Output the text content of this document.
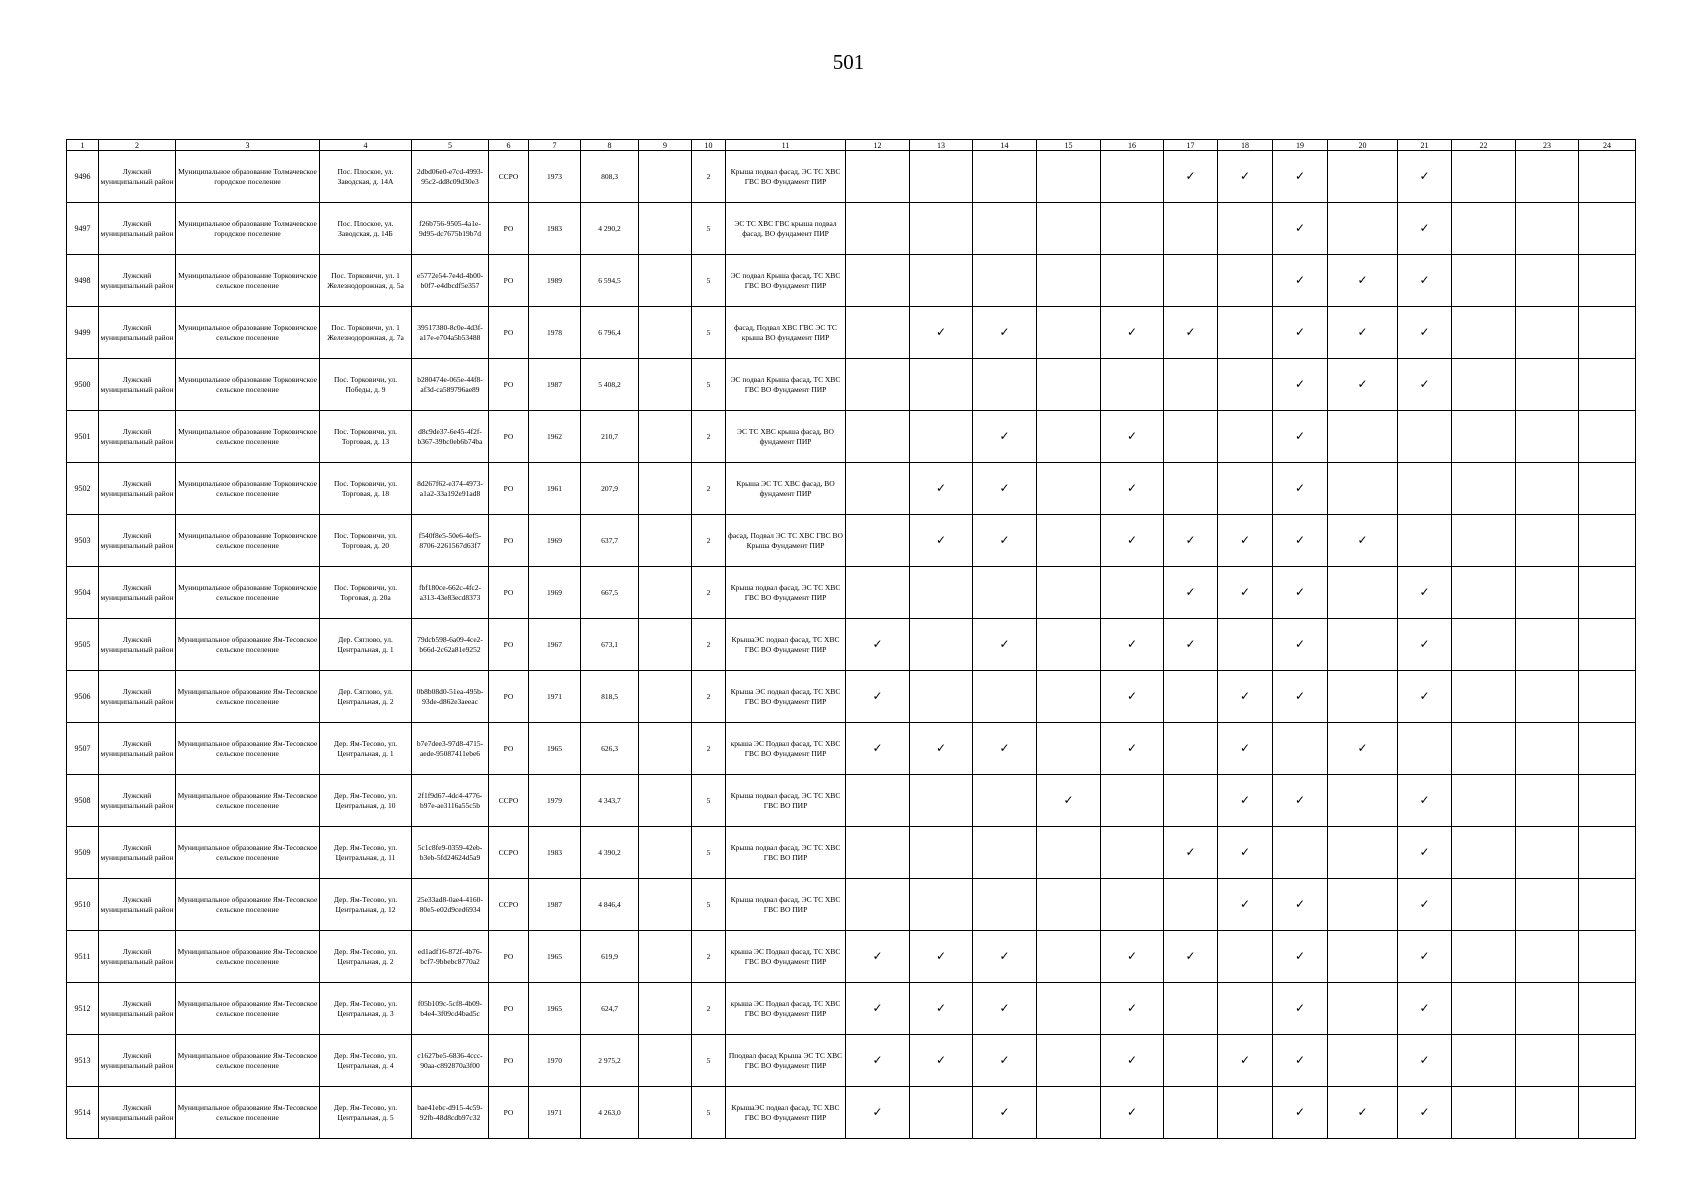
501
1	2	3	4	5	6	7	8	9	10	11	12	13	14	15	16	17	18	19	20	21	22	23	24
9496	Лужский муниципальный район	Муниципальное образование Толмачевское городское поселение	Пос. Плоское, ул. Заводская, д. 14А	2dbd06e0-e7cd-4993-95c2-dd8c09d30e3	ССРО	1973	808,3		2	Крыша подвал фасад, ЭС ТС ХВС ГВС ВО Фундамент ПИР						✓	✓	✓		✓			
9497	Лужский муниципальный район	Муниципальное образование Толмачевское городское поселение	Пос. Плоское, ул. Заводская, д. 14Б	f26b756-9505-4a1e-9d95-dc7675b19b7d	РО	1983	4 290,2		5	ЭС ТС ХВС ГВС крыша подвал фасад, ВО фундамент ПИР								✓		✓			
9498	Лужский муниципальный район	Муниципальное образование Торковичское сельское поселение	Пос. Торковичи, ул. 1 Железнодорожная, д. 5а	e5772e54-7e4d-4b00-b0f7-e4dbcdf5e357	РО	1989	6 594,5		5	ЭС подвал Крыша фасад, ТС ХВС ГВС ВО Фундамент ПИР								✓	✓	✓			
9499	Лужский муниципальный район	Муниципальное образование Торковичское сельское поселение	Пос. Торковичи, ул. 1 Железнодорожная, д. 7а	39517380-8c0e-4d3f-a17e-e704a5b53488	РО	1978	6 796,4		5	фасад, Подвал ХВС ГВС ЭС ТС крыша ВО фундамент ПИР		✓	✓		✓	✓		✓	✓	✓			
9500	Лужский муниципальный район	Муниципальное образование Торковичское сельское поселение	Пос. Торковичи, ул. Победы, д. 9	b280474e-065e-44f8-af3d-ca589796ae89	РО	1987	5 408,2		5	ЭС подвал Крыша фасад, ТС ХВС ГВС ВО Фундамент ПИР								✓	✓	✓			
9501	Лужский муниципальный район	Муниципальное образование Торковичское сельское поселение	Пос. Торковичи, ул. Торговая, д. 13	d8c9de37-6e45-4f2f-b367-39bc0eb6b74ba	РО	1962	210,7		2	ЭС ТС ХВС крыша фасад, ВО фундамент ПИР			✓		✓			✓					
9502	Лужский муниципальный район	Муниципальное образование Торковичское сельское поселение	Пос. Торковичи, ул. Торговая, д. 18	8d267f62-e374-4973-a1a2-33a192e91ad8	РО	1961	207,9		2	Крыша ЭС ТС ХВС фасад, ВО фундамент ПИР		✓	✓		✓			✓					
9503	Лужский муниципальный район	Муниципальное образование Торковичское сельское поселение	Пос. Торковичи, ул. Торговая, д. 20	f540f8e5-50e6-4ef5-8706-2261567d63f7	РО	1969	637,7		2	фасад, Подвал ЭС ТС ХВС ГВС ВО Крыша Фундамент ПИР		✓	✓		✓	✓	✓	✓	✓				
9504	Лужский муниципальный район	Муниципальное образование Торковичское сельское поселение	Пос. Торковичи, ул. Торговая, д. 20а	fbf180ce-662c-4fc2-a313-43e83ecd8373	РО	1969	667,5		2	Крыша подвал фасад, ЭС ТС ХВС ГВС ВО Фундамент ПИР						✓	✓	✓		✓			
9505	Лужский муниципальный район	Муниципальное образование Ям-Тесовское сельское поселение	Дер. Сяглово, ул. Центральная, д. 1	79dcb598-6a09-4ce2-b66d-2c62a81e9252	РО	1967	673,1		2	КрышаЭС подвал фасад, ТС ХВС ГВС ВО Фундамент ПИР	✓		✓		✓	✓		✓		✓			
9506	Лужский муниципальный район	Муниципальное образование Ям-Тесовское сельское поселение	Дер. Сяглово, ул. Центральная, д. 2	0b8b08d0-51ea-495b-93de-d862e3aeeac	РО	1971	818,5		2	Крыша ЭС подвал фасад, ТС ХВС ГВС ВО Фундамент ПИР	✓				✓		✓	✓		✓			
9507	Лужский муниципальный район	Муниципальное образование Ям-Тесовское сельское поселение	Дер. Ям-Тесово, ул. Центральная, д. 1	b7e7dee3-97d8-4715-aede-95087411ebe6	РО	1965	626,3		2	крыша ЭС Подвал фасад, ТС ХВС ГВС ВО Фундамент ПИР	✓	✓	✓		✓		✓		✓				
9508	Лужский муниципальный район	Муниципальное образование Ям-Тесовское сельское поселение	Дер. Ям-Тесово, ул. Центральная, д. 10	2f1f9d67-4dc4-4776-b97e-ae3116a55c5b	ССРО	1979	4 343,7		5	Крыша подвал фасад, ЭС ТС ХВС ГВС ВО ПИР				✓			✓	✓		✓			
9509	Лужский муниципальный район	Муниципальное образование Ям-Тесовское сельское поселение	Дер. Ям-Тесово, ул. Центральная, д. 11	5c1c8fe9-0359-42eb-b3eb-5fd24624d5a9	ССРО	1983	4 390,2		5	Крыша подвал фасад, ЭС ТС ХВС ГВС ВО ПИР						✓	✓			✓			
9510	Лужский муниципальный район	Муниципальное образование Ям-Тесовское сельское поселение	Дер. Ям-Тесово, ул. Центральная, д. 12	25e33ad8-0ae4-4160-80e5-e02d9ced6934	ССРО	1987	4 846,4		5	Крыша подвал фасад, ЭС ТС ХВС ГВС ВО ПИР							✓	✓		✓			
9511	Лужский муниципальный район	Муниципальное образование Ям-Тесовское сельское поселение	Дер. Ям-Тесово, ул. Центральная, д. 2	ed1adf16-872f-4b76-bcf7-9bbebc8770a2	РО	1965	619,9		2	крыша ЭС Подвал фасад, ТС ХВС ГВС ВО Фундамент ПИР	✓	✓	✓		✓	✓		✓		✓			
9512	Лужский муниципальный район	Муниципальное образование Ям-Тесовское сельское поселение	Дер. Ям-Тесово, ул. Центральная, д. 3	f05b109c-5cf8-4b09-b4e4-3f09cd4bad5c	РО	1965	624,7		2	крыша ЭС Подвал фасад, ТС ХВС ГВС ВО Фундамент ПИР	✓	✓	✓		✓			✓		✓			
9513	Лужский муниципальный район	Муниципальное образование Ям-Тесовское сельское поселение	Дер. Ям-Тесово, ул. Центральная, д. 4	c1627be5-6836-4ccc-90aa-c892870a3f00	РО	1970	2 975,2		5	Пподвал фасад Крыша ЭС ТС ХВС ГВС ВО Фундамент ПИР	✓	✓	✓		✓		✓	✓		✓			
9514	Лужский муниципальный район	Муниципальное образование Ям-Тесовское сельское поселение	Дер. Ям-Тесово, ул. Центральная, д. 5	bae41ebc-d915-4c59-92fb-48d8cdb97c32	РО	1971	4 263,0		5	КрышаЭС подвал фасад, ТС ХВС ГВС ВО Фундамент ПИР	✓		✓		✓			✓	✓	✓			
